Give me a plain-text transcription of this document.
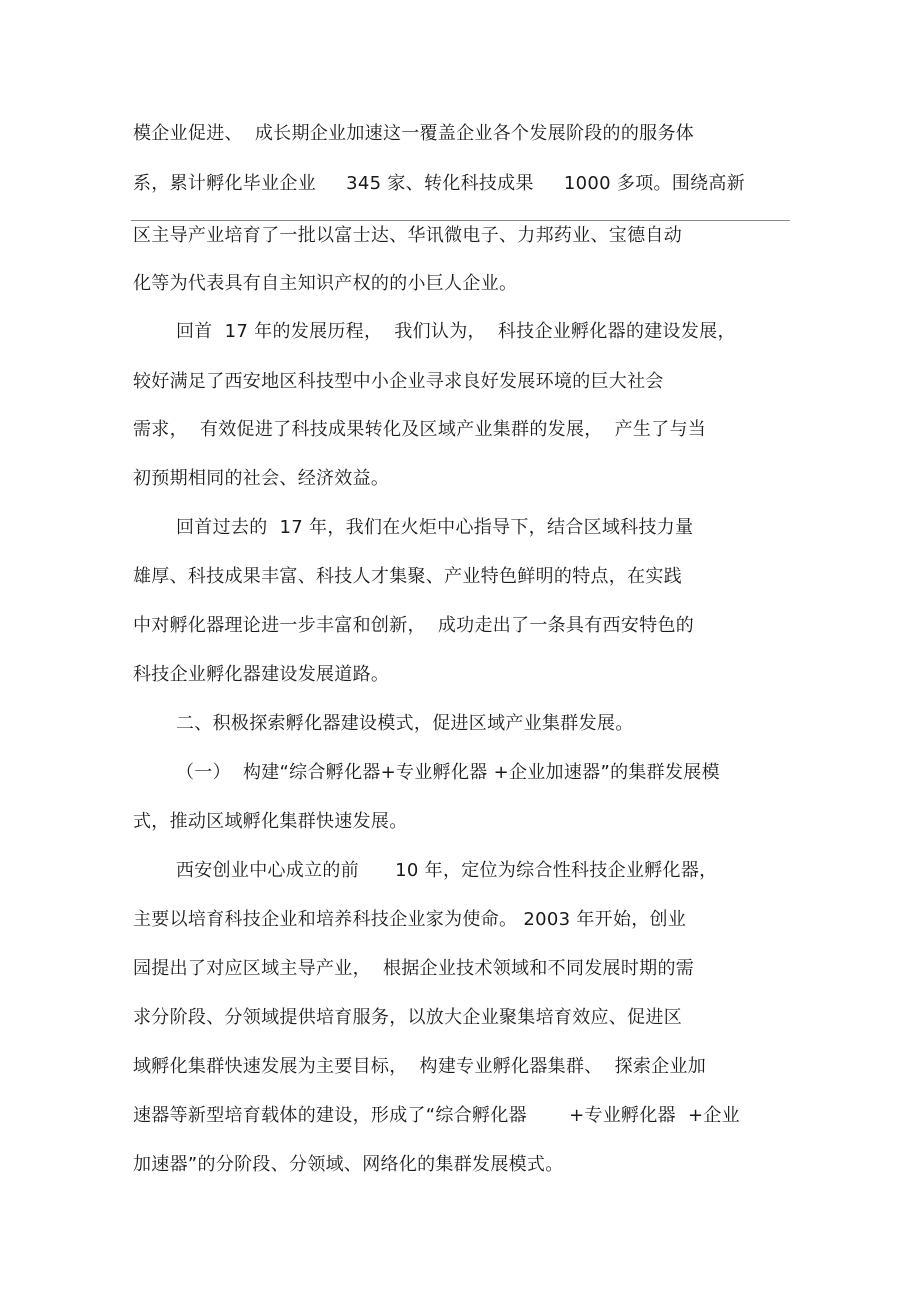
模企业促进、  成长期企业加速这一覆盖企业各个发展阶段的的服务体
系，累计孵化毕业企业     345 家、转化科技成果     1000 多项。围绕高新
区主导产业培育了一批以富士达、华讯微电子、力邦药业、宝德自动
化等为代表具有自主知识产权的的小巨人企业。
回首  17 年的发展历程，  我们认为，  科技企业孵化器的建设发展，
较好满足了西安地区科技型中小企业寻求良好发展环境的巨大社会
需求，  有效促进了科技成果转化及区域产业集群的发展，  产生了与当
初预期相同的社会、经济效益。
回首过去的  17 年，我们在火炬中心指导下，结合区域科技力量
雄厚、科技成果丰富、科技人才集聚、产业特色鲜明的特点，在实践
中对孵化器理论进一步丰富和创新，  成功走出了一条具有西安特色的
科技企业孵化器建设发展道路。
二、积极探索孵化器建设模式，促进区域产业集群发展。
（一）  构建“综合孵化器+专业孵化器 +企业加速器”的集群发展模
式，推动区域孵化集群快速发展。
西安创业中心成立的前      10 年，定位为综合性科技企业孵化器，
主要以培育科技企业和培养科技企业家为使命。 2003 年开始，创业
园提出了对应区域主导产业，  根据企业技术领域和不同发展时期的需
求分阶段、分领域提供培育服务，以放大企业聚集培育效应、促进区
域孵化集群快速发展为主要目标，  构建专业孵化器集群、  探索企业加
速器等新型培育载体的建设，形成了“综合孵化器       +专业孵化器  +企业
加速器”的分阶段、分领域、网络化的集群发展模式。
